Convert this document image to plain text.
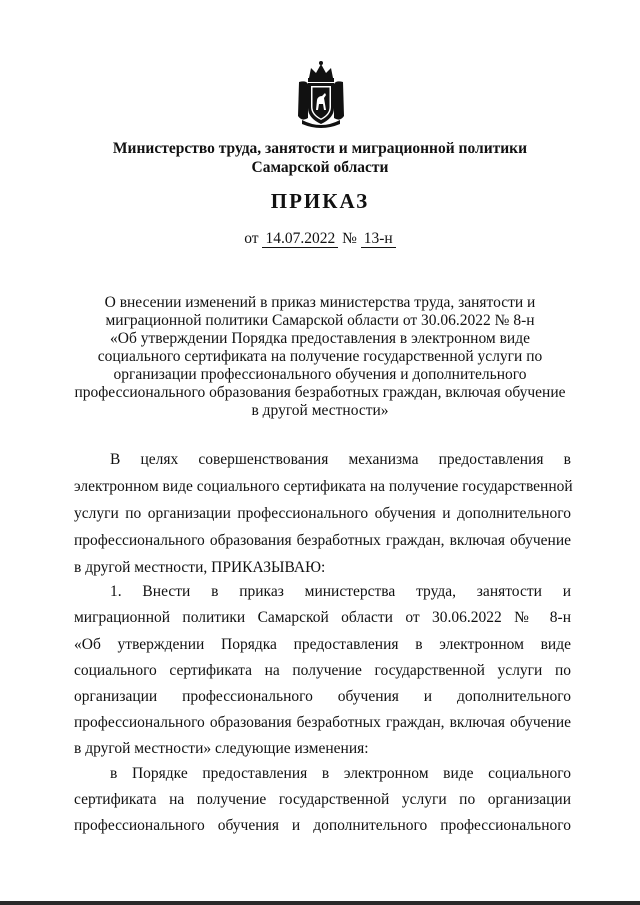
Министерство труда, занятости и миграционной политики
Самарской области
ПРИКАЗ
от 14.07.2022 № 13-н
О внесении изменений в приказ министерства труда, занятости и
миграционной политики Самарской области от 30.06.2022 № 8-н
«Об утверждении Порядка предоставления в электронном виде
социального сертификата на получение государственной услуги по
организации профессионального обучения и дополнительного
профессионального образования безработных граждан, включая обучение
в другой местности»
В целях совершенствования механизма предоставления в
электронном виде социального сертификата на получение государственной
услуги по организации профессионального обучения и дополнительного
профессионального образования безработных граждан, включая обучение
в другой местности, ПРИКАЗЫВАЮ:
1. Внести в приказ министерства труда, занятости и
миграционной политики Самарской области от 30.06.2022 № 8-н
«Об утверждении Порядка предоставления в электронном виде
социального сертификата на получение государственной услуги по
организации профессионального обучения и дополнительного
профессионального образования безработных граждан, включая обучение
в другой местности» следующие изменения:
в Порядке предоставления в электронном виде социального
сертификата на получение государственной услуги по организации
профессионального обучения и дополнительного профессионального
